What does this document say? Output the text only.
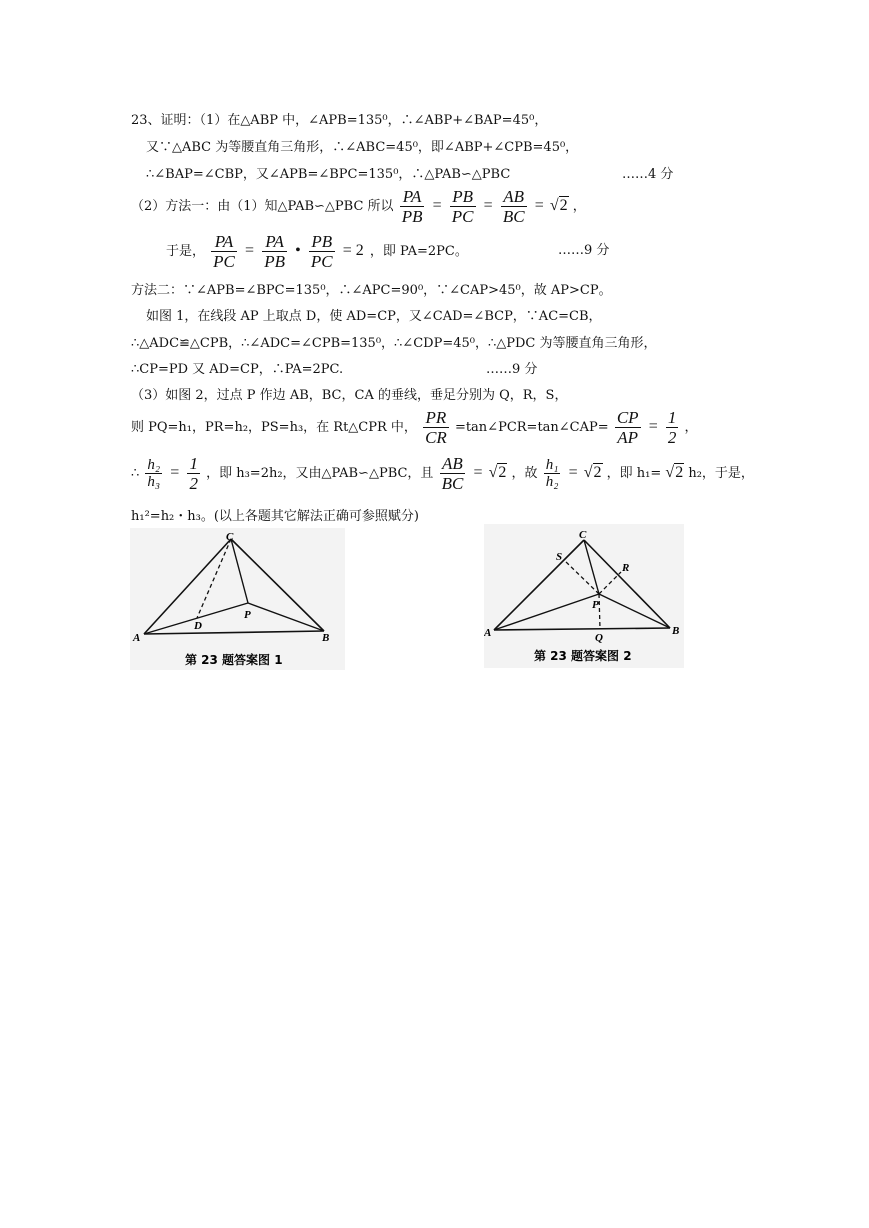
23、证明：（1）在△ABP 中，∠APB=135⁰，∴∠ABP+∠BAP=45⁰，
又∵△ABC 为等腰直角三角形，∴∠ABC=45⁰，即∠ABP+∠CPB=45⁰，
∴∠BAP=∠CBP，又∠APB=∠BPC=135⁰，∴△PAB∽△PBC	……4 分
（2）方法一：由（1）知△PAB∽△PBC 所以 $\frac{PA}{PB} = \frac{PB}{PC} = \frac{AB}{BC} = √2$ ，
于是， $\frac{PA}{PC} = \frac{PA}{PB}$ • $\frac{PB}{PC} = 2$ ，即 PA=2PC。	……9 分
方法二：∵∠APB=∠BPC=135⁰，∴∠APC=90⁰，∵∠CAP>45⁰，故 AP>CP。
如图 1，在线段 AP 上取点 D，使 AD=CP，又∠CAD=∠BCP，∵AC=CB，
∴△ADC≌△CPB，∴∠ADC=∠CPB=135⁰，∴∠CDP=45⁰，∴△PDC 为等腰直角三角形，
∴CP=PD 又 AD=CP，∴PA=2PC.	……9 分
（3）如图 2，过点 P 作边 AB，BC，CA 的垂线，垂足分别为 Q，R，S，
则 PQ=h₁，PR=h₂，PS=h₃，在 Rt△CPR 中， $\frac{PR}{CR}$ =tan∠PCR=tan∠CAP= $\frac{CP}{AP} = \frac{1}{2}$ ，
∴ $\frac{\text{h₂}}{\text{h₃}} = \frac{1}{2}$ ，即 h₃=2h₂，又由△PAB∽△PBC，且 $\frac{AB}{BC} = √2$ ，故 $\frac{\text{h₁}}{\text{h₂}} = √2$ ，即 h₁= √2 h₂，于是，
h₁²=h₂・h₃。(以上各题其它解法正确可参照赋分)
A	B
C
D
P
第 23 题答案图 1
A	B
C
P
Q
R
S
第 23 题答案图 2
